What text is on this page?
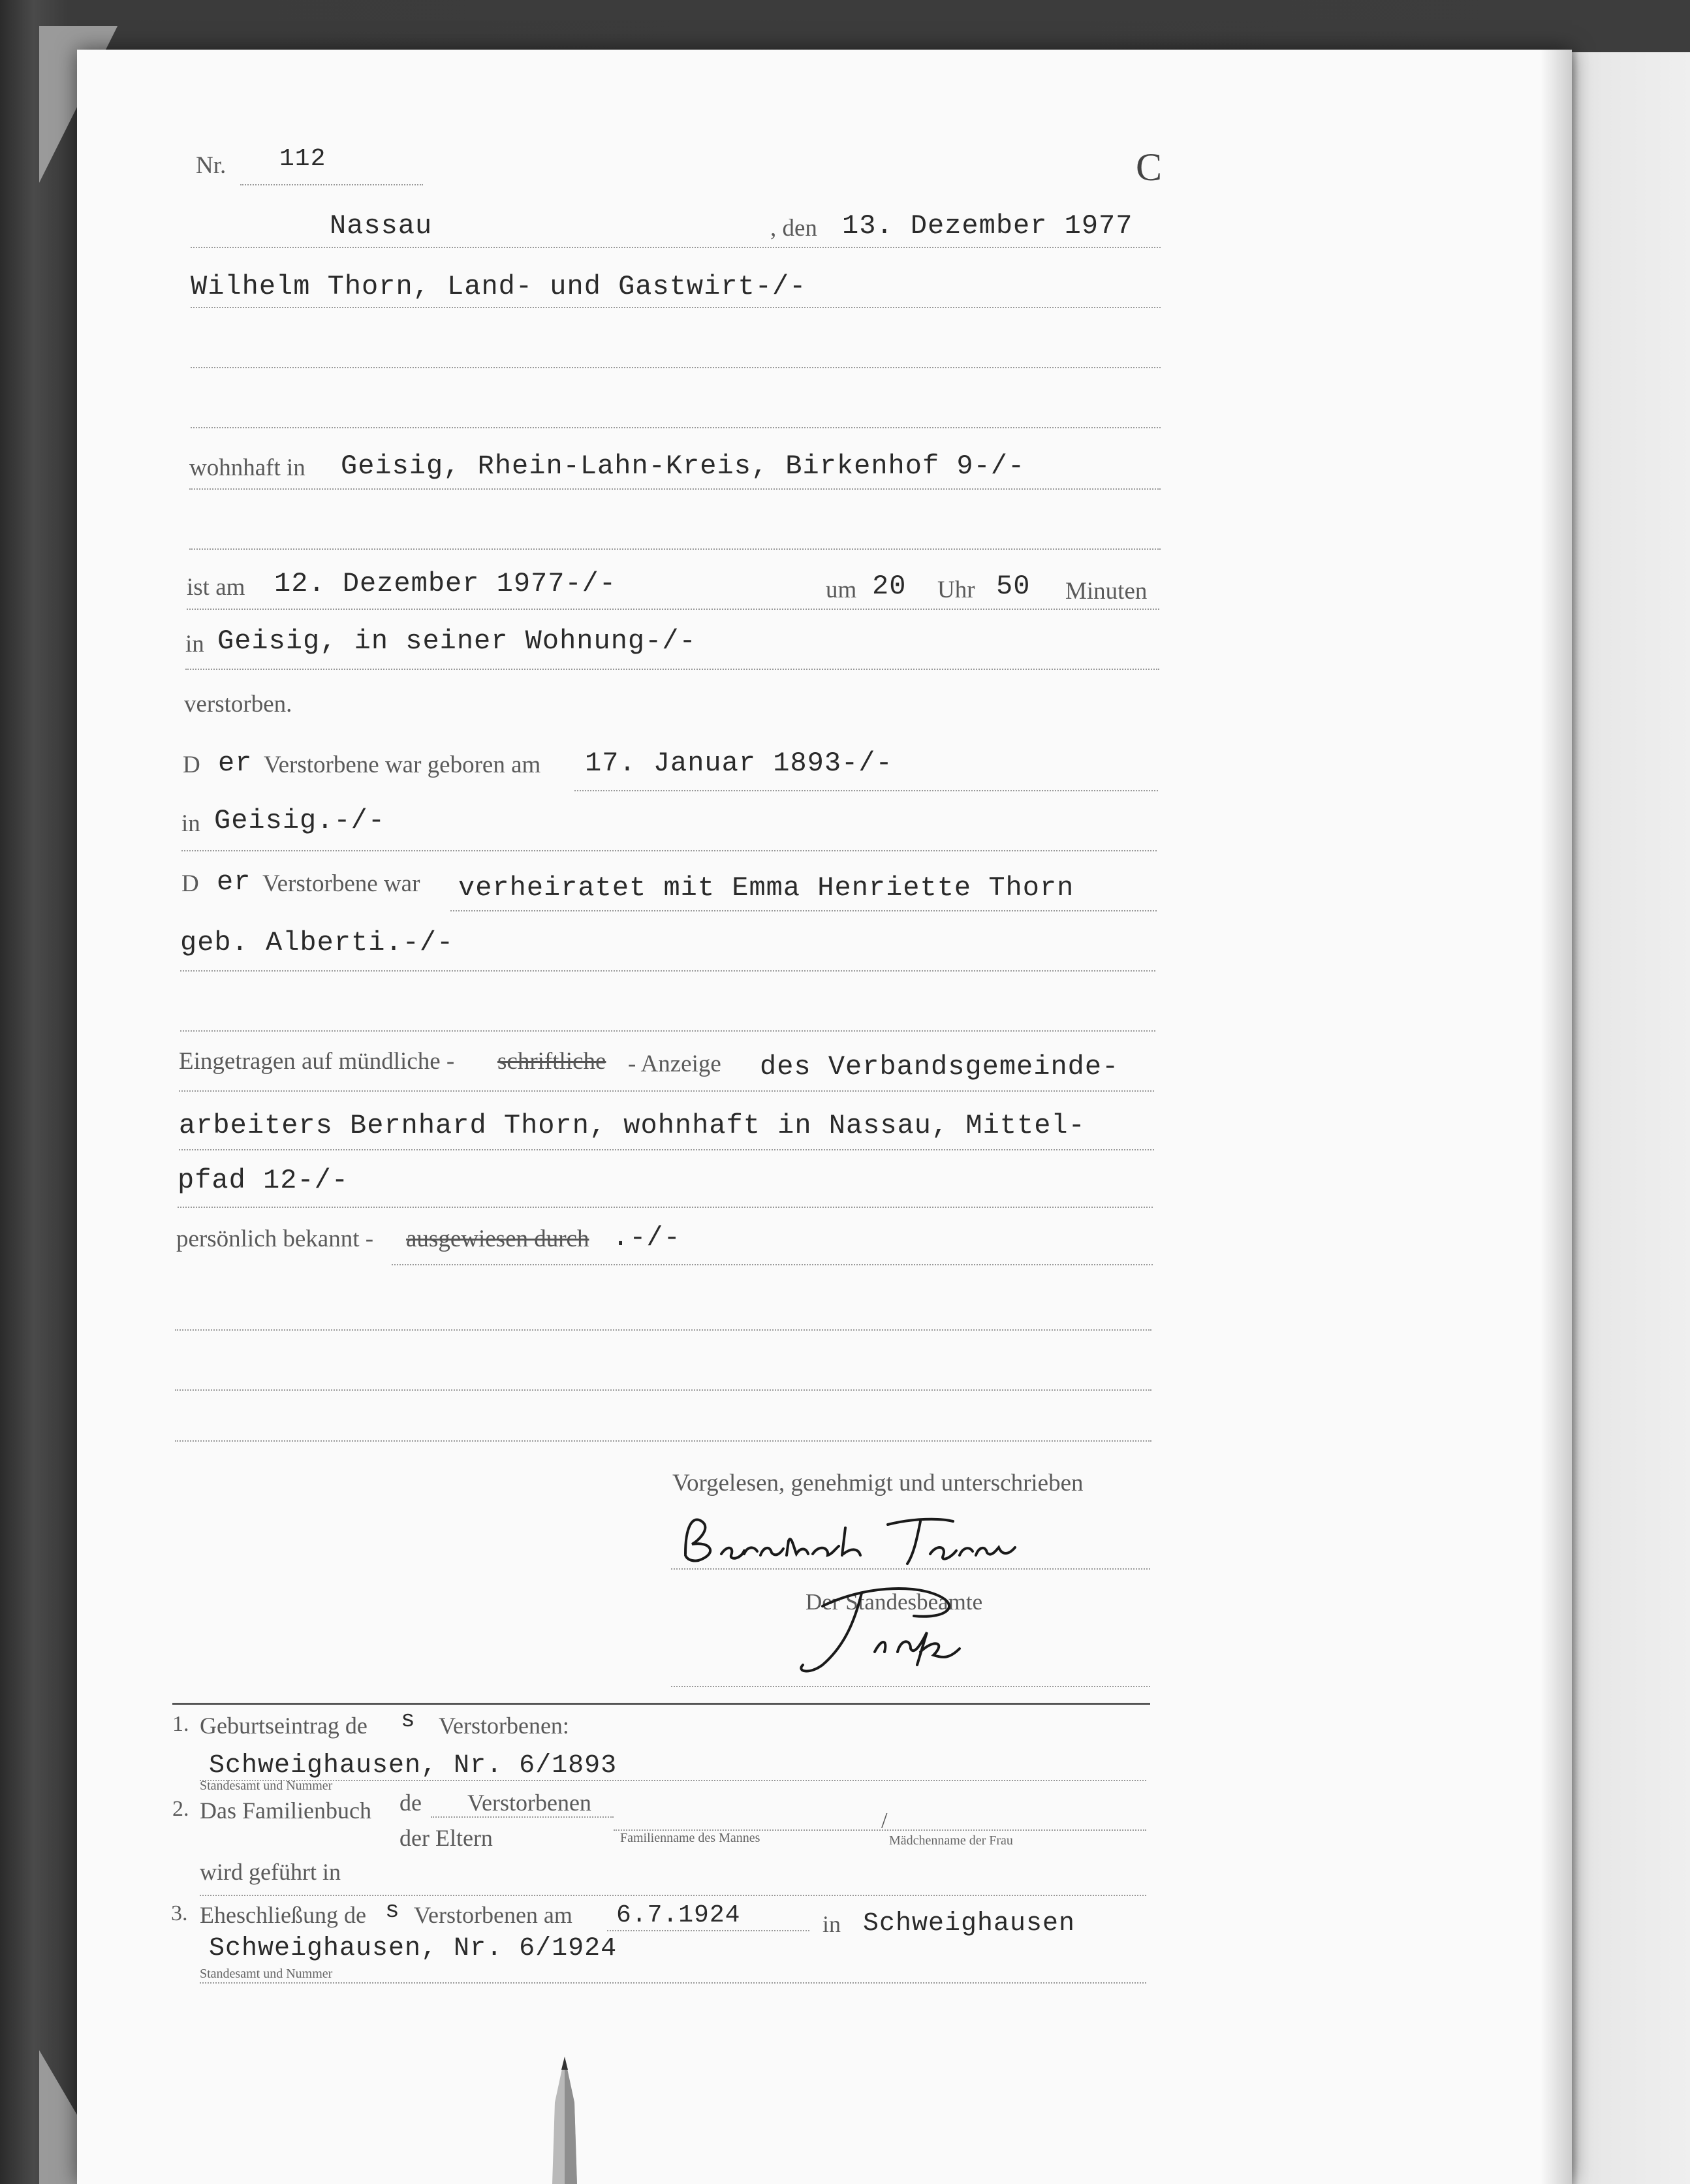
Nr. 112	C
Nassau	, den 13. Dezember 1977
Wilhelm Thorn, Land- und Gastwirt-/-
wohnhaft in Geisig, Rhein-Lahn-Kreis, Birkenhof 9-/-
ist am 12. Dezember 1977-/-	um 20 Uhr 50 Minuten
in Geisig, in seiner Wohnung-/-
verstorben.
D er Verstorbene war geboren am 17. Januar 1893-/-
in Geisig.-/-
D er Verstorbene war verheiratet mit Emma Henriette Thorn
geb. Alberti.-/-
Eingetragen auf mündliche - schriftliche - Anzeige des Verbandsgemeinde-
arbeiters Bernhard Thorn, wohnhaft in Nassau, Mittel-
pfad 12-/-
persönlich bekannt - ausgewiesen durch .-/-
Vorgelesen, genehmigt und unterschrieben
Bernhard Thorn
Der Standesbeamte
Rink
1. Geburtseintrag de s Verstorbenen:
Schweighausen, Nr. 6/1893
Standesamt und Nummer
2. Das Familienbuch de Verstorbenen
der Eltern	Familienname des Mannes
/
Mädchenname der Frau
wird geführt in
3. Eheschließung de s Verstorbenen am 6.7.1924	in Schweighausen
Schweighausen, Nr. 6/1924
Standesamt und Nummer
